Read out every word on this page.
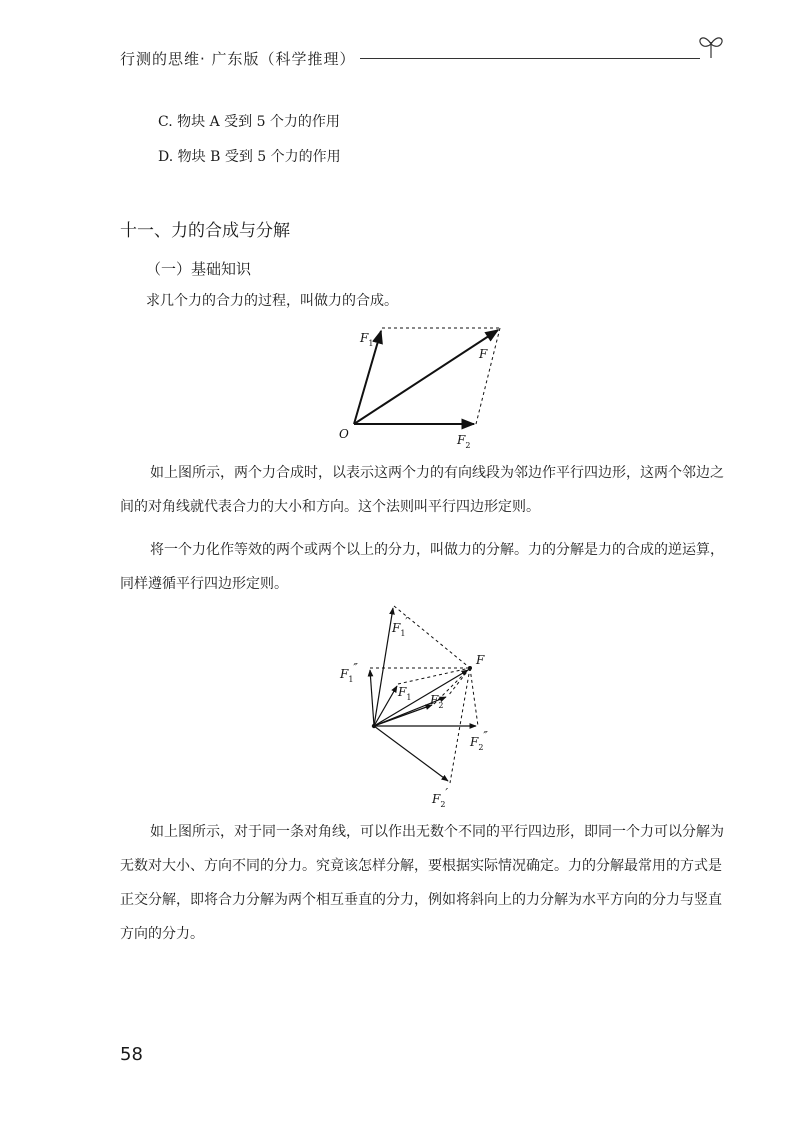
行测的思维· 广东版（科学推理）
C. 物块 A 受到 5 个力的作用
D. 物块 B 受到 5 个力的作用
十一、力的合成与分解
（一）基础知识
求几个力的合力的过程，叫做力的合成。
$F_1$
F
O	$F_2$
如上图所示，两个力合成时，以表示这两个力的有向线段为邻边作平行四边形，这两个邻边之间的对角线就代表合力的大小和方向。这个法则叫平行四边形定则。
将一个力化作等效的两个或两个以上的分力，叫做力的分解。力的分解是力的合成的逆运算，同样遵循平行四边形定则。
$F_1'$
F
$F_1''$
$F_1$ $F_2$
$F_2''$
$F_2'$
如上图所示，对于同一条对角线，可以作出无数个不同的平行四边形，即同一个力可以分解为无数对大小、方向不同的分力。究竟该怎样分解，要根据实际情况确定。力的分解最常用的方式是正交分解，即将合力分解为两个相互垂直的分力，例如将斜向上的力分解为水平方向的分力与竖直方向的分力。
58
